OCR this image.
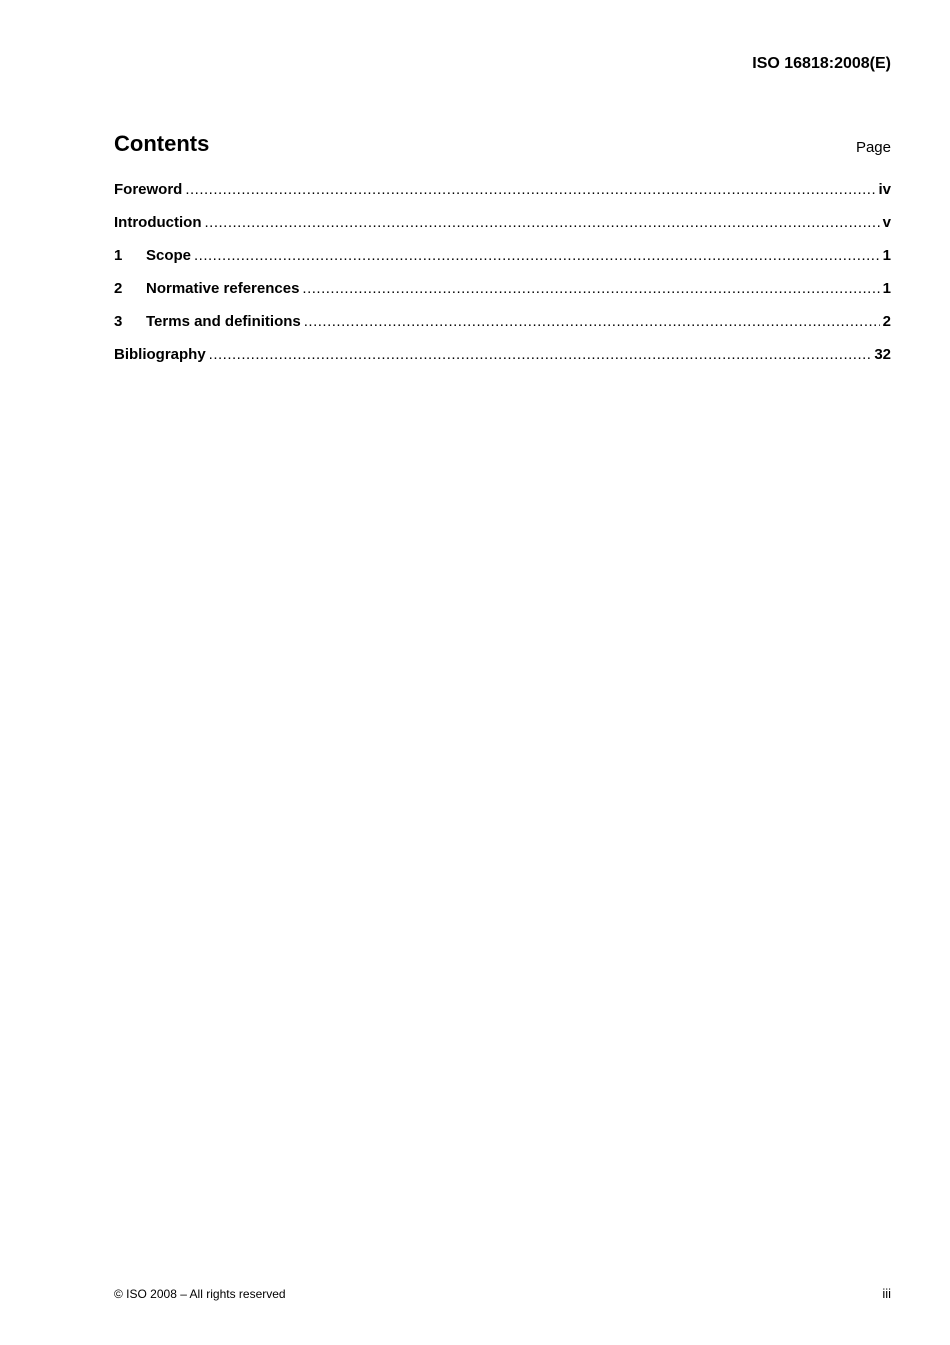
ISO 16818:2008(E)
Contents	Page
Foreword .....	iv
Introduction .....	v
1	Scope .....	1
2	Normative references .....	1
3	Terms and definitions .....	2
Bibliography .....	32
© ISO 2008 – All rights reserved	iii
